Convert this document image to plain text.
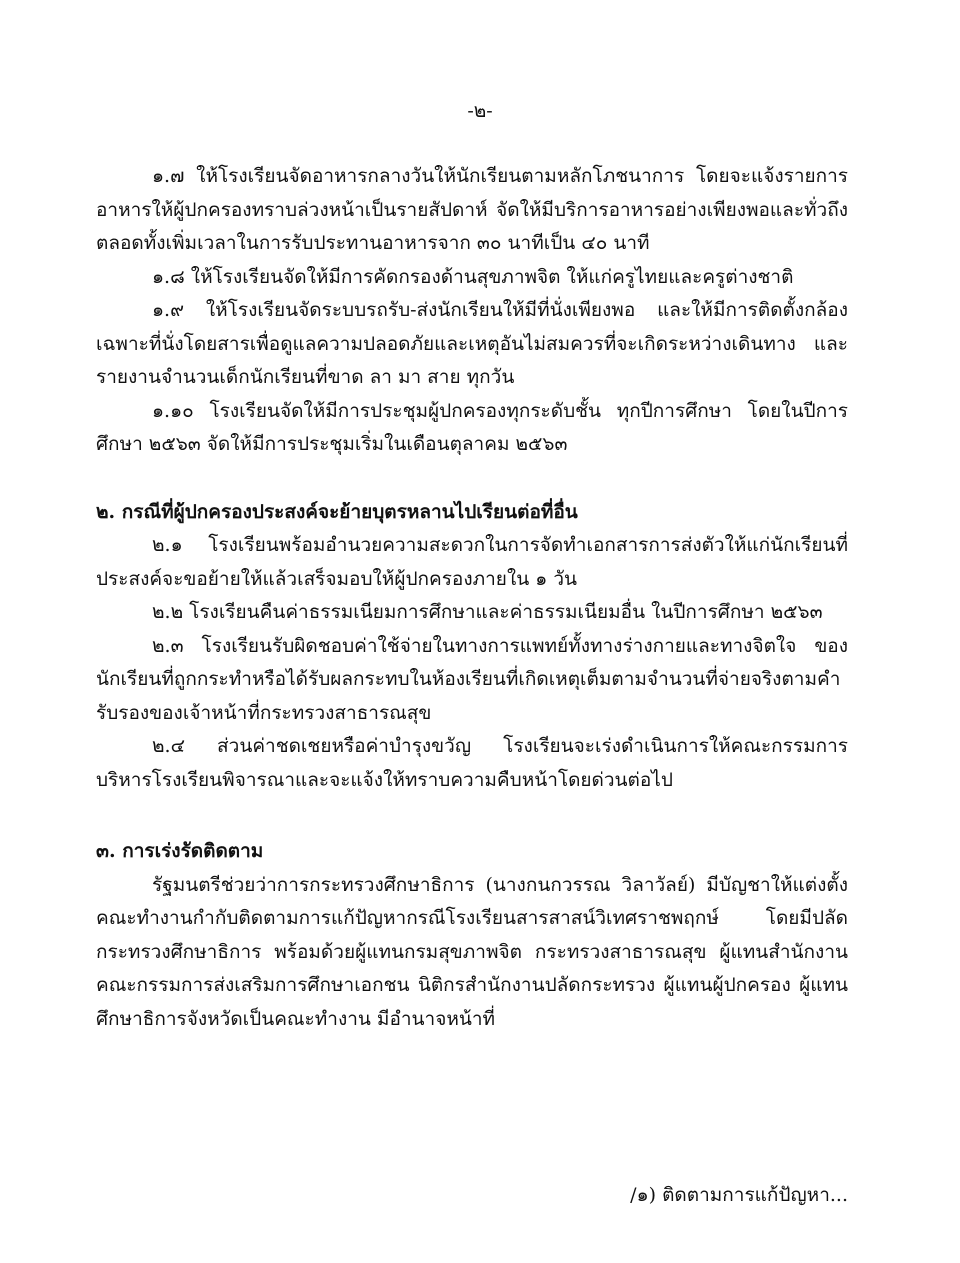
-๒-

๑.๗ ให้โรงเรียนจัดอาหารกลางวันให้นักเรียนตามหลักโภชนาการ โดยจะแจ้งรายการอาหารให้ผู้ปกครองทราบล่วงหน้าเป็นรายสัปดาห์ จัดให้มีบริการอาหารอย่างเพียงพอและทั่วถึง ตลอดทั้งเพิ่มเวลาในการรับประทานอาหารจาก ๓๐ นาทีเป็น ๔๐ นาที

๑.๘ ให้โรงเรียนจัดให้มีการคัดกรองด้านสุขภาพจิต ให้แก่ครูไทยและครูต่างชาติ

๑.๙ ให้โรงเรียนจัดระบบรถรับ-ส่งนักเรียนให้มีที่นั่งเพียงพอ และให้มีการติดตั้งกล้องเฉพาะที่นั่งโดยสารเพื่อดูแลความปลอดภัยและเหตุอันไม่สมควรที่จะเกิดระหว่างเดินทาง และรายงานจำนวนเด็กนักเรียนที่ขาด ลา มา สาย ทุกวัน

๑.๑๐ โรงเรียนจัดให้มีการประชุมผู้ปกครองทุกระดับชั้น ทุกปีการศึกษา โดยในปีการศึกษา ๒๕๖๓ จัดให้มีการประชุมเริ่มในเดือนตุลาคม ๒๕๖๓

๒. กรณีที่ผู้ปกครองประสงค์จะย้ายบุตรหลานไปเรียนต่อที่อื่น

๒.๑ โรงเรียนพร้อมอำนวยความสะดวกในการจัดทำเอกสารการส่งตัวให้แก่นักเรียนที่ประสงค์จะขอย้ายให้แล้วเสร็จมอบให้ผู้ปกครองภายใน ๑ วัน

๒.๒ โรงเรียนคืนค่าธรรมเนียมการศึกษาและค่าธรรมเนียมอื่น ในปีการศึกษา ๒๕๖๓

๒.๓ โรงเรียนรับผิดชอบค่าใช้จ่ายในทางการแพทย์ทั้งทางร่างกายและทางจิตใจ ของนักเรียนที่ถูกกระทำหรือได้รับผลกระทบในห้องเรียนที่เกิดเหตุเต็มตามจำนวนที่จ่ายจริงตามคำรับรองของเจ้าหน้าที่กระทรวงสาธารณสุข

๒.๔ ส่วนค่าชดเชยหรือค่าบำรุงขวัญ โรงเรียนจะเร่งดำเนินการให้คณะกรรมการบริหารโรงเรียนพิจารณาและจะแจ้งให้ทราบความคืบหน้าโดยด่วนต่อไป

๓. การเร่งรัดติดตาม

รัฐมนตรีช่วยว่าการกระทรวงศึกษาธิการ (นางกนกวรรณ วิลาวัลย์) มีบัญชาให้แต่งตั้งคณะทำงานกำกับติดตามการแก้ปัญหากรณีโรงเรียนสารสาสน์วิเทศราชพฤกษ์ โดยมีปลัดกระทรวงศึกษาธิการ พร้อมด้วยผู้แทนกรมสุขภาพจิต กระทรวงสาธารณสุข ผู้แทนสำนักงานคณะกรรมการส่งเสริมการศึกษาเอกชน นิติกรสำนักงานปลัดกระทรวง ผู้แทนผู้ปกครอง ผู้แทนศึกษาธิการจังหวัดเป็นคณะทำงาน มีอำนาจหน้าที่

/๑) ติดตามการแก้ปัญหา...
